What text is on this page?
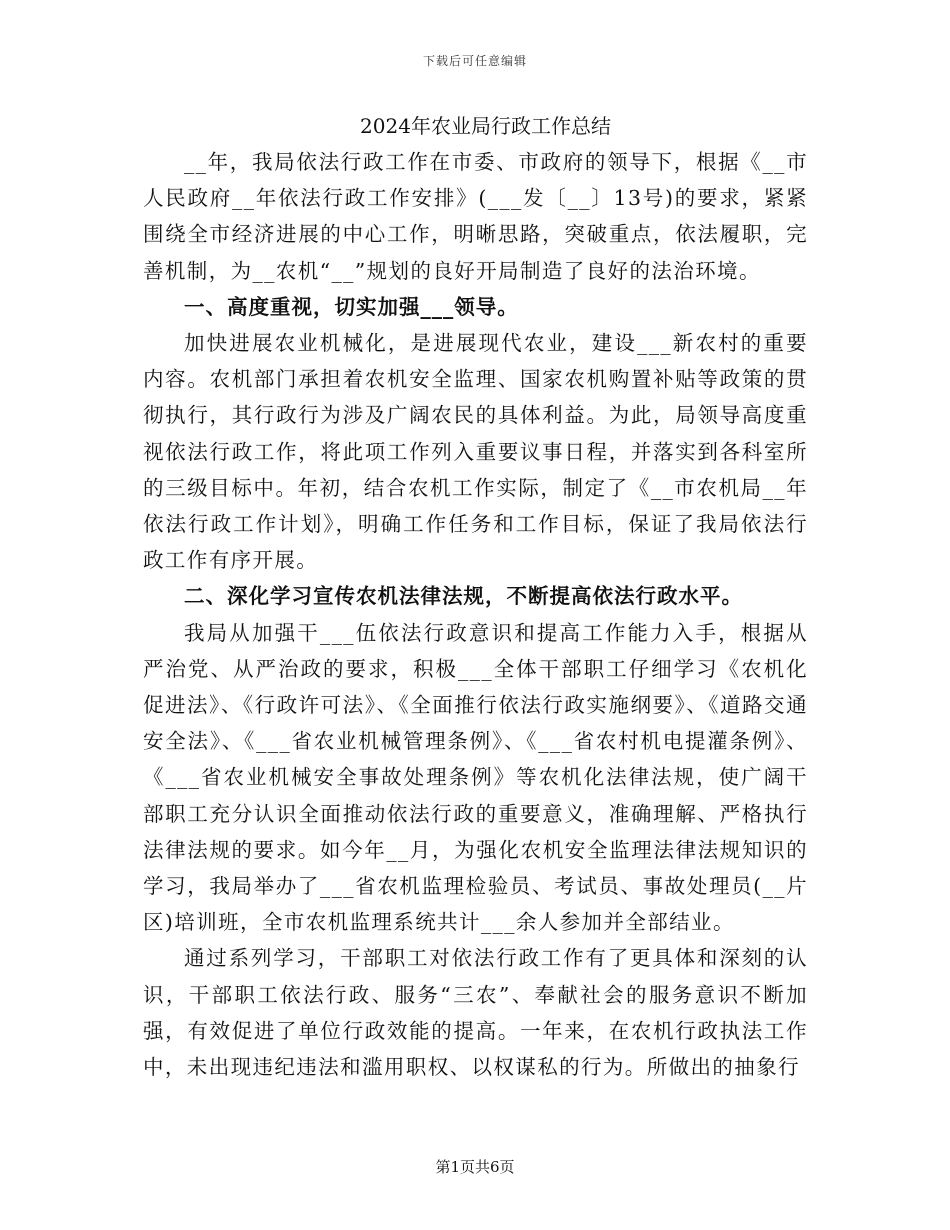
下载后可任意编辑
2024年农业局行政工作总结

__年，我局依法行政工作在市委、市政府的领导下，根据《__市人民政府__年依法行政工作安排》(___发〔__〕13号)的要求，紧紧围绕全市经济进展的中心工作，明晰思路，突破重点，依法履职，完善机制，为__农机“__”规划的良好开局制造了良好的法治环境。

一、高度重视，切实加强___领导。

加快进展农业机械化，是进展现代农业，建设___新农村的重要内容。农机部门承担着农机安全监理、国家农机购置补贴等政策的贯彻执行，其行政行为涉及广阔农民的具体利益。为此，局领导高度重视依法行政工作，将此项工作列入重要议事日程，并落实到各科室所的三级目标中。年初，结合农机工作实际，制定了《__市农机局__年依法行政工作计划》，明确工作任务和工作目标，保证了我局依法行政工作有序开展。

二、深化学习宣传农机法律法规，不断提高依法行政水平。

我局从加强干___伍依法行政意识和提高工作能力入手，根据从严治党、从严治政的要求，积极___全体干部职工仔细学习《农机化促进法》、《行政许可法》、《全面推行依法行政实施纲要》、《道路交通安全法》、《___省农业机械管理条例》、《___省农村机电提灌条例》、《___省农业机械安全事故处理条例》等农机化法律法规，使广阔干部职工充分认识全面推动依法行政的重要意义，准确理解、严格执行法律法规的要求。如今年__月，为强化农机安全监理法律法规知识的学习，我局举办了___省农机监理检验员、考试员、事故处理员(__片区)培训班，全市农机监理系统共计___余人参加并全部结业。

通过系列学习，干部职工对依法行政工作有了更具体和深刻的认识，干部职工依法行政、服务“三农”、奉献社会的服务意识不断加强，有效促进了单位行政效能的提高。一年来，在农机行政执法工作中，未出现违纪违法和滥用职权、以权谋私的行为。所做出的抽象行

第1页共6页
